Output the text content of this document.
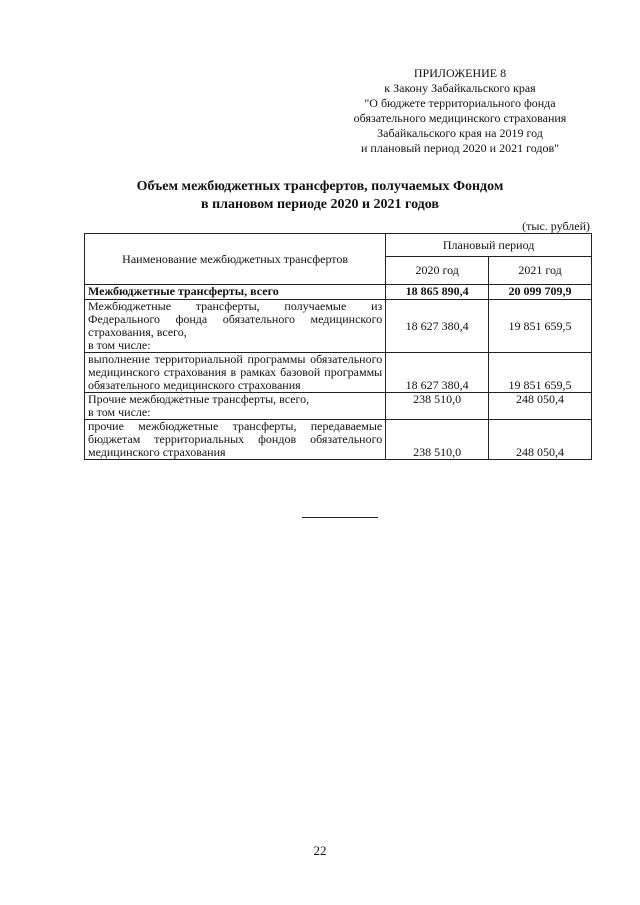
ПРИЛОЖЕНИЕ 8
к Закону Забайкальского края
"О бюджете территориального фонда
обязательного медицинского страхования
Забайкальского края на 2019 год
и плановый период 2020 и 2021 годов"
Объем межбюджетных трансфертов, получаемых Фондом
в плановом периоде 2020 и 2021 годов
(тыс. рублей)
Наименование межбюджетных трансфертов	Плановый период	
	2020 год	2021 год
Межбюджетные трансферты, всего	18 865 890,4	20 099 709,9
Межбюджетные трансферты, получаемые из Федерального фонда обязательного медицинского страхования, всего,
в том числе:	18 627 380,4	19 851 659,5
выполнение территориальной программы обязательного медицинского страхования в рамках базовой программы обязательного медицинского страхования	18 627 380,4	19 851 659,5
Прочие межбюджетные трансферты, всего,
в том числе:	238 510,0	248 050,4
прочие межбюджетные трансферты, передаваемые бюджетам территориальных фондов обязательного медицинского страхования	238 510,0	248 050,4
22
